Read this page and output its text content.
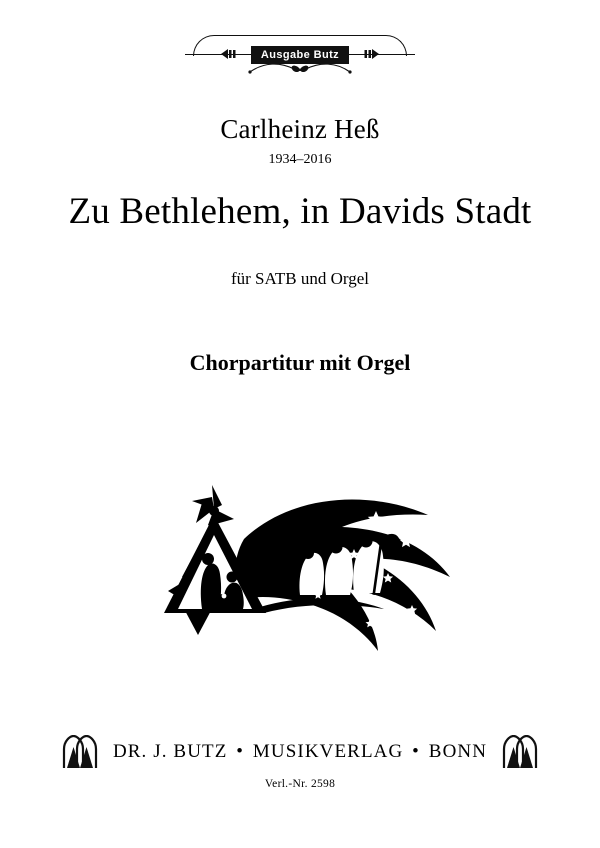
Ausgabe Butz
Carlheinz Heß
1934–2016
Zu Bethlehem, in Davids Stadt
für SATB und Orgel
Chorpartitur mit Orgel
DR. J. BUTZ • MUSIKVERLAG • BONN
Verl.-Nr. 2598
